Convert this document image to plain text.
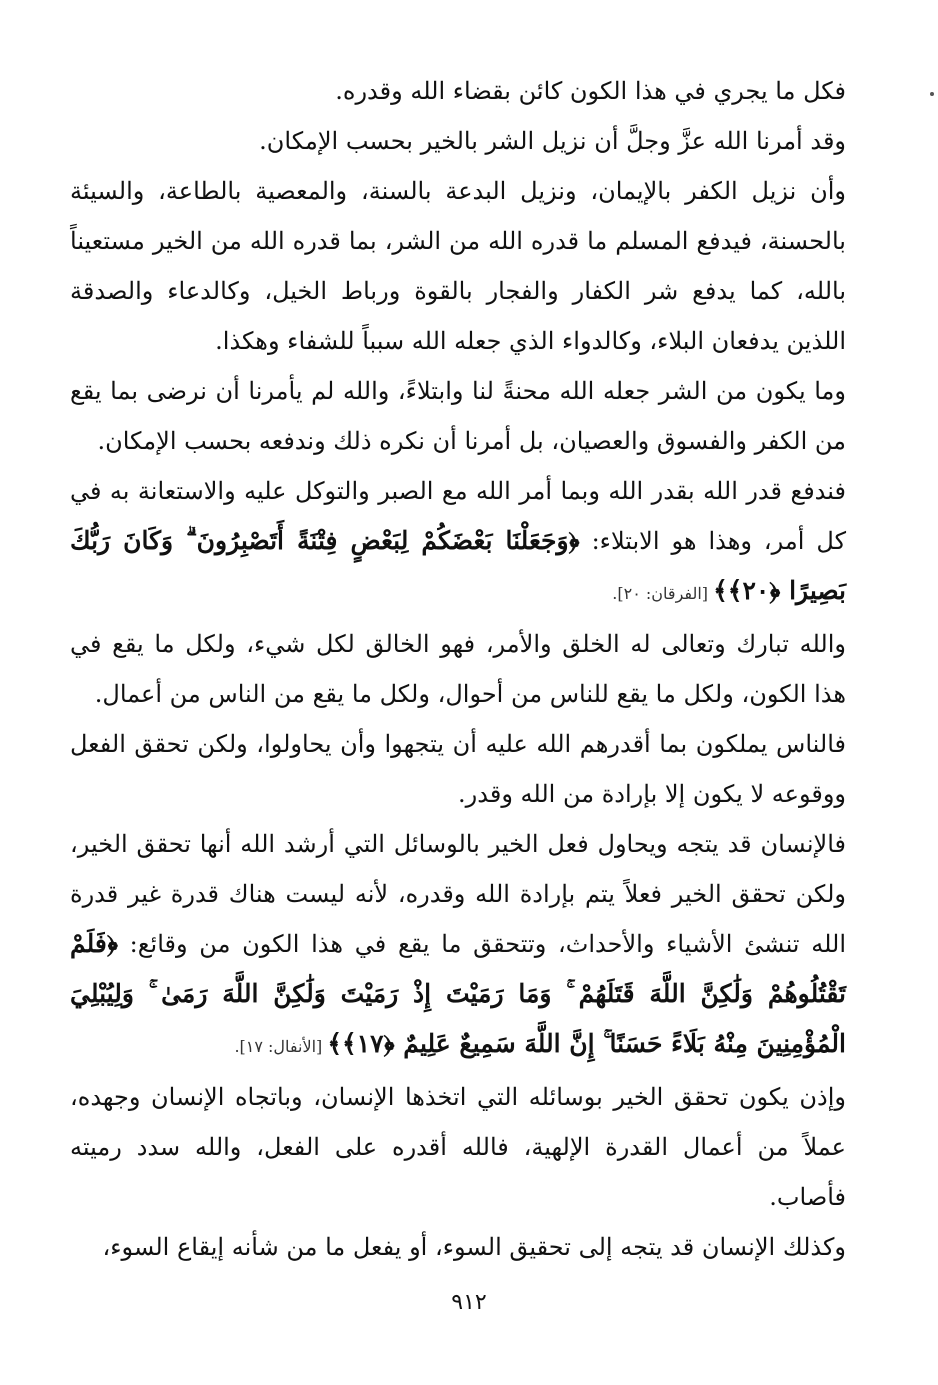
فكل ما يجري في هذا الكون كائن بقضاء الله وقدره.

وقد أمرنا الله عزَّ وجلَّ أن نزيل الشر بالخير بحسب الإمكان.

وأن نزيل الكفر بالإيمان، ونزيل البدعة بالسنة، والمعصية بالطاعة، والسيئة بالحسنة، فيدفع المسلم ما قدره الله من الشر، بما قدره الله من الخير مستعيناً بالله، كما يدفع شر الكفار والفجار بالقوة ورباط الخيل، وكالدعاء والصدقة اللذين يدفعان البلاء، وكالدواء الذي جعله الله سبباً للشفاء وهكذا.

وما يكون من الشر جعله الله محنةً لنا وابتلاءً، والله لم يأمرنا أن نرضى بما يقع من الكفر والفسوق والعصيان، بل أمرنا أن نكره ذلك وندفعه بحسب الإمكان.

فندفع قدر الله بقدر الله وبما أمر الله مع الصبر والتوكل عليه والاستعانة به في كل أمر، وهذا هو الابتلاء: ﴿وَجَعَلْنَا بَعْضَكُمْ لِبَعْضٍ فِتْنَةً أَتَصْبِرُونَ ۗ وَكَانَ رَبُّكَ بَصِيرًا ﴿٢٠﴾﴾ [الفرقان: ٢٠].

والله تبارك وتعالى له الخلق والأمر، فهو الخالق لكل شيء، ولكل ما يقع في هذا الكون، ولكل ما يقع للناس من أحوال، ولكل ما يقع من الناس من أعمال.

فالناس يملكون بما أقدرهم الله عليه أن يتجهوا وأن يحاولوا، ولكن تحقق الفعل ووقوعه لا يكون إلا بإرادة من الله وقدر.

فالإنسان قد يتجه ويحاول فعل الخير بالوسائل التي أرشد الله أنها تحقق الخير، ولكن تحقق الخير فعلاً يتم بإرادة الله وقدره، لأنه ليست هناك قدرة غير قدرة الله تنشئ الأشياء والأحداث، وتتحقق ما يقع في هذا الكون من وقائع: ﴿فَلَمْ تَقْتُلُوهُمْ وَلَٰكِنَّ اللَّهَ قَتَلَهُمْ ۚ وَمَا رَمَيْتَ إِذْ رَمَيْتَ وَلَٰكِنَّ اللَّهَ رَمَىٰ ۚ وَلِيُبْلِيَ الْمُؤْمِنِينَ مِنْهُ بَلَاءً حَسَنًا ۚ إِنَّ اللَّهَ سَمِيعٌ عَلِيمٌ ﴿١٧﴾﴾ [الأنفال: ١٧].

وإذن يكون تحقق الخير بوسائله التي اتخذها الإنسان، وباتجاه الإنسان وجهده، عملاً من أعمال القدرة الإلهية، فالله أقدره على الفعل، والله سدد رميته فأصاب.

وكذلك الإنسان قد يتجه إلى تحقيق السوء، أو يفعل ما من شأنه إيقاع السوء،

٩١٢
